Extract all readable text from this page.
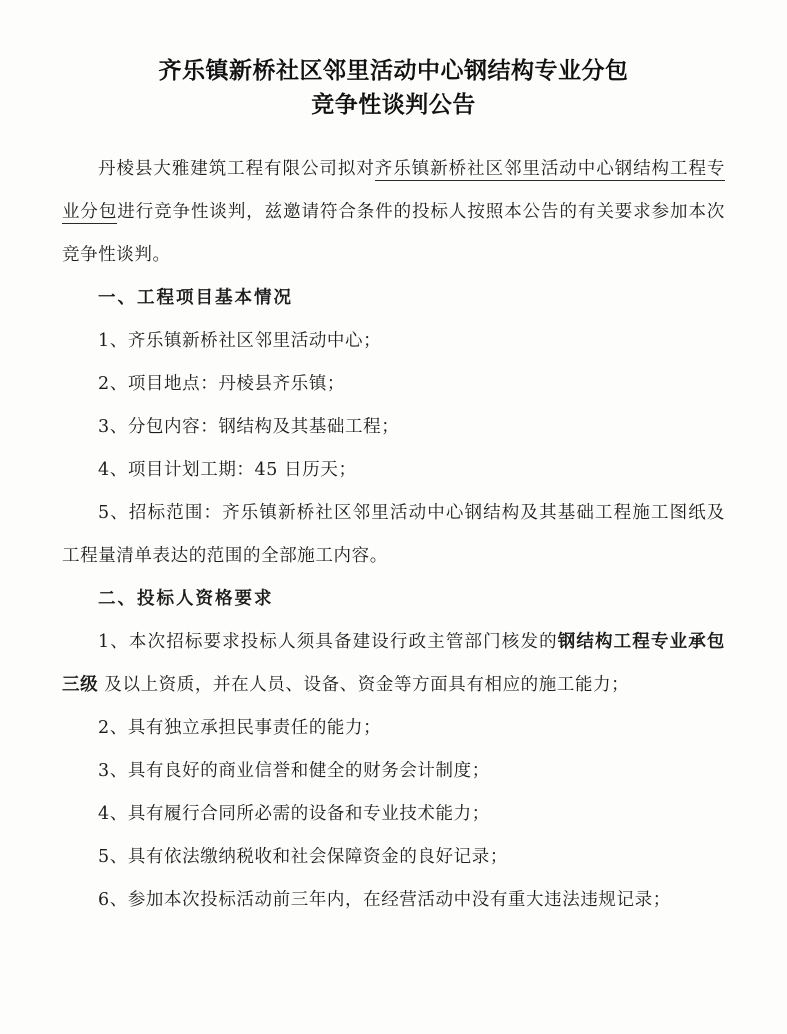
齐乐镇新桥社区邻里活动中心钢结构专业分包
竞争性谈判公告

丹棱县大雅建筑工程有限公司拟对齐乐镇新桥社区邻里活动中心钢结构工程专业分包进行竞争性谈判，兹邀请符合条件的投标人按照本公告的有关要求参加本次竞争性谈判。

一、工程项目基本情况

1、齐乐镇新桥社区邻里活动中心；

2、项目地点：丹棱县齐乐镇；

3、分包内容：钢结构及其基础工程；

4、项目计划工期：45 日历天；

5、招标范围：齐乐镇新桥社区邻里活动中心钢结构及其基础工程施工图纸及工程量清单表达的范围的全部施工内容。

二、投标人资格要求

1、本次招标要求投标人须具备建设行政主管部门核发的钢结构工程专业承包三级 及以上资质，并在人员、设备、资金等方面具有相应的施工能力；

2、具有独立承担民事责任的能力；

3、具有良好的商业信誉和健全的财务会计制度；

4、具有履行合同所必需的设备和专业技术能力；

5、具有依法缴纳税收和社会保障资金的良好记录；

6、参加本次投标活动前三年内，在经营活动中没有重大违法违规记录；
